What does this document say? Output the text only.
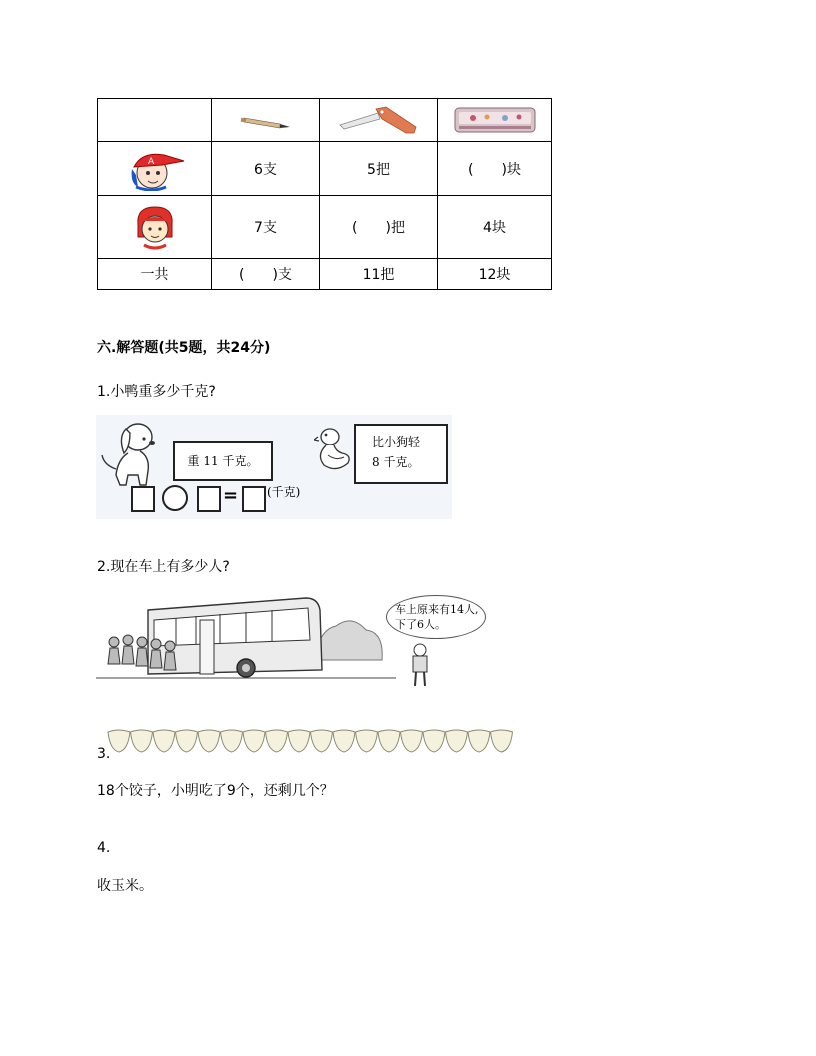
A	6支	5把	(　　)块

	7支	(　　)把	4块
一共	(　　)支	11把	12块
六.解答题(共5题，共24分)
1.小鸭重多少千克?
重 11 千克。
比小狗轻
8 千克。
= (千克)
2.现在车上有多少人?
车上原来有14人,
下了6人。
3.
18个饺子，小明吃了9个，还剩几个？
4.
收玉米。
